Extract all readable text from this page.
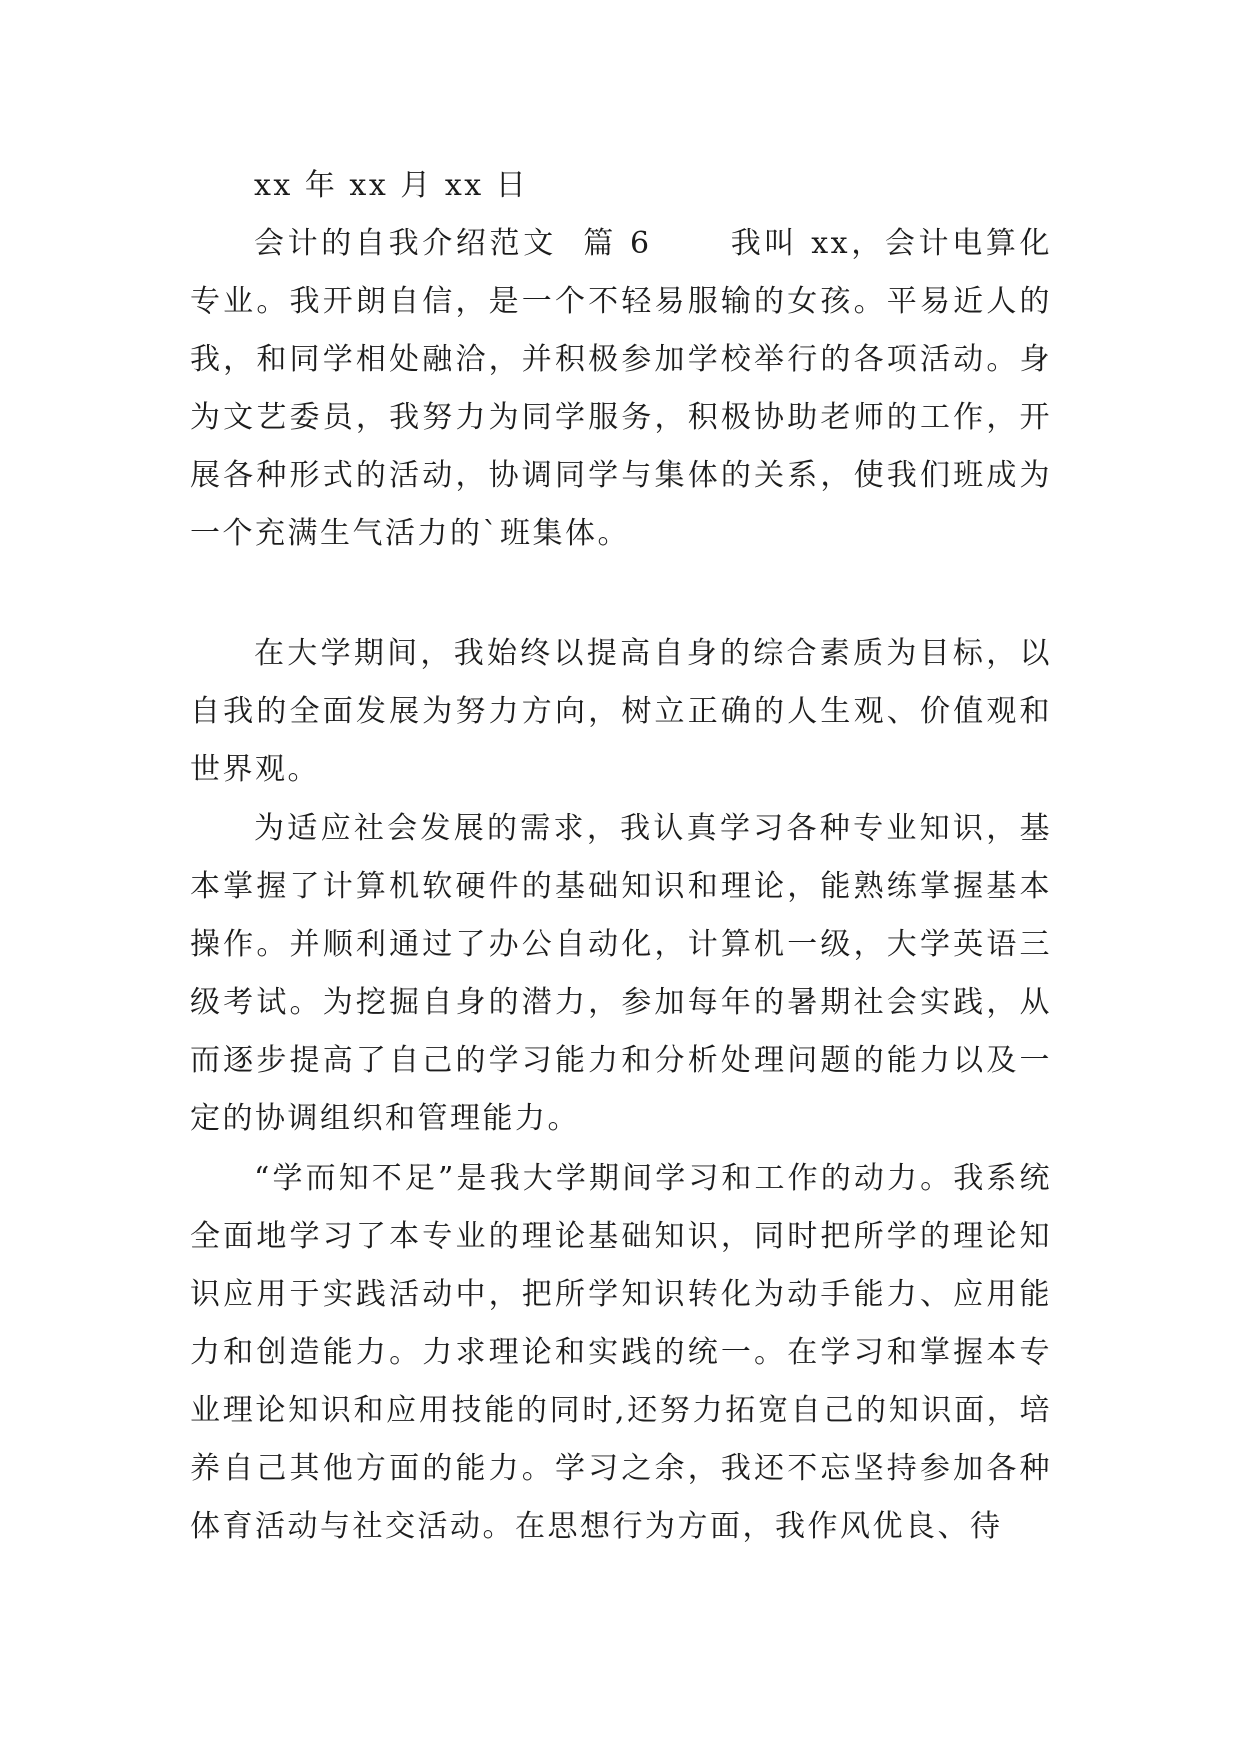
xx 年 xx 月 xx 日

会计的自我介绍范文  篇 6      我叫 xx，会计电算化专业。我开朗自信，是一个不轻易服输的女孩。平易近人的我，和同学相处融洽，并积极参加学校举行的各项活动。身为文艺委员，我努力为同学服务，积极协助老师的工作，开展各种形式的活动，协调同学与集体的关系，使我们班成为一个充满生气活力的`班集体。

在大学期间，我始终以提高自身的综合素质为目标，以自我的全面发展为努力方向，树立正确的人生观、价值观和世界观。

为适应社会发展的需求，我认真学习各种专业知识，基本掌握了计算机软硬件的基础知识和理论，能熟练掌握基本操作。并顺利通过了办公自动化，计算机一级，大学英语三级考试。为挖掘自身的潜力，参加每年的暑期社会实践，从而逐步提高了自己的学习能力和分析处理问题的能力以及一定的协调组织和管理能力。

“学而知不足”是我大学期间学习和工作的动力。我系统全面地学习了本专业的理论基础知识，同时把所学的理论知识应用于实践活动中，把所学知识转化为动手能力、应用能力和创造能力。力求理论和实践的统一。在学习和掌握本专业理论知识和应用技能的同时,还努力拓宽自己的知识面，培养自己其他方面的能力。学习之余，我还不忘坚持参加各种体育活动与社交活动。在思想行为方面，我作风优良、待
